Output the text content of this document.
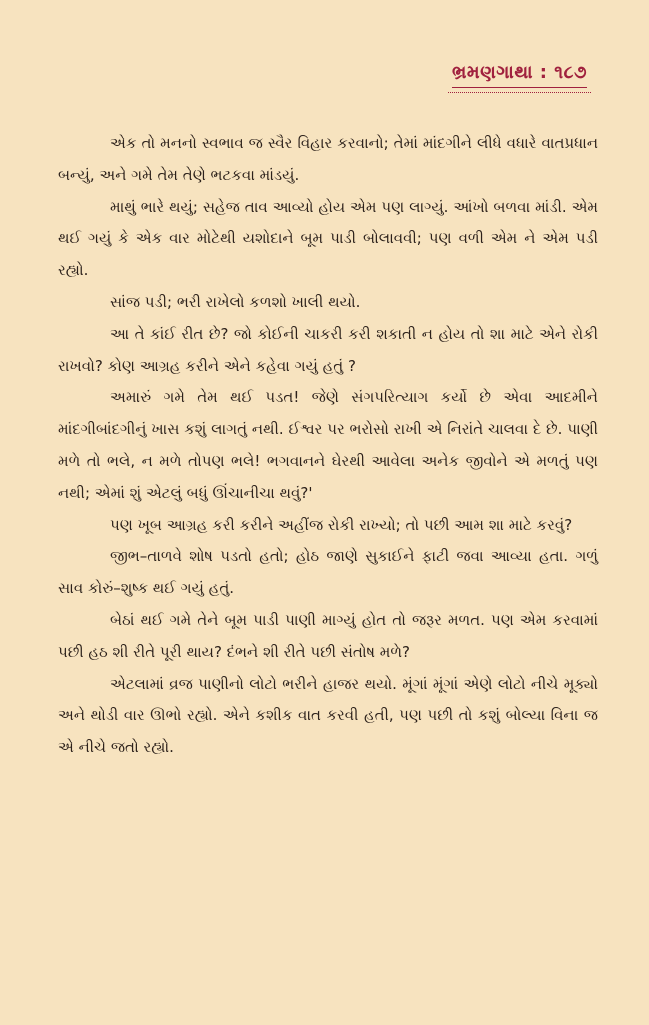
ભ્રમણગાથા : ૧૮૭

એક તો મનનો સ્વભાવ જ સ્વૈર વિહાર કરવાનો; તેમાં માંદગીને લીધે વધારે વાતપ્રધાન બન્યું, અને ગમે તેમ તેણે ભટકવા માંડયું.

માથું ભારે થયું; સહેજ તાવ આવ્યો હોય એમ પણ લાગ્યું. આંખો બળવા માંડી. એમ થઈ ગયું કે એક વાર મોટેથી યશોદાને બૂમ પાડી બોલાવવી; પણ વળી એમ ને એમ પડી રહ્યો.

સાંજ પડી; ભરી રાખેલો કળશો ખાલી થયો.

આ તે કાંઈ રીત છે? જો કોઈની ચાકરી કરી શકાતી ન હોય તો શા માટે એને રોકી રાખવો? કોણ આગ્રહ કરીને એને કહેવા ગયું હતું ?

અમારું ગમે તેમ થઈ પડત! જેણે સંગપરિત્યાગ કર્યો છે એવા આદમીને માંદગીબાંદગીનું ખાસ કશું લાગતું નથી. ઈશ્વર પર ભરોસો રાખી એ નિરાંતે ચાલવા દે છે. પાણી મળે તો ભલે, ન મળે તોપણ ભલે! ભગવાનને ઘેરથી આવેલા અનેક જીવોને એ મળતું પણ નથી; એમાં શું એટલું બધું ઊંચાનીચા થવું?'

પણ ખૂબ આગ્રહ કરી કરીને અહીંજ રોકી રાખ્યો; તો પછી આમ શા માટે કરવું?

જીભ–તાળવે શોષ પડતો હતો; હોઠ જાણે સુકાઈને ફાટી જવા આવ્યા હતા. ગળું સાવ કોરું–શુષ્ક થઈ ગયું હતું.

બેઠાં થઈ ગમે તેને બૂમ પાડી પાણી માગ્યું હોત તો જરૂર મળત. પણ એમ કરવામાં પછી હઠ શી રીતે પૂરી થાય? દંભને શી રીતે પછી સંતોષ મળે?

એટલામાં વ્રજ પાણીનો લોટો ભરીને હાજર થયો. મૂંગાં મૂંગાં એણે લોટો નીચે મૂક્યો અને થોડી વાર ઊભો રહ્યો. એને કશીક વાત કરવી હતી, પણ પછી તો કશું બોલ્યા વિના જ એ નીચે જતો રહ્યો.
